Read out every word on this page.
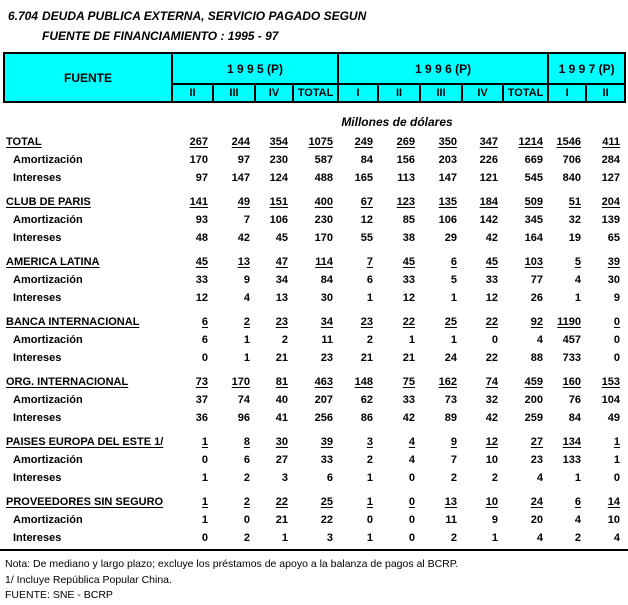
6.704 DEUDA PUBLICA EXTERNA, SERVICIO PAGADO SEGUN
FUENTE DE FINANCIAMIENTO : 1995 - 97
FUENTE	1 9 9 5 (P)				1 9 9 6 (P)					1 9 9 7 (P)	
	II	III	IV	TOTAL	I	II	III	IV	TOTAL	I	II
Millones de dólares
TOTAL	267	244	354	1075	249	269	350	347	1214	1546	411
Amortización	170	97	230	587	84	156	203	226	669	706	284
Intereses	97	147	124	488	165	113	147	121	545	840	127

CLUB DE PARIS	141	49	151	400	67	123	135	184	509	51	204
Amortización	93	7	106	230	12	85	106	142	345	32	139
Intereses	48	42	45	170	55	38	29	42	164	19	65

AMERICA LATINA	45	13	47	114	7	45	6	45	103	5	39
Amortización	33	9	34	84	6	33	5	33	77	4	30
Intereses	12	4	13	30	1	12	1	12	26	1	9

BANCA INTERNACIONAL	6	2	23	34	23	22	25	22	92	1190	0
Amortización	6	1	2	11	2	1	1	0	4	457	0
Intereses	0	1	21	23	21	21	24	22	88	733	0

ORG. INTERNACIONAL	73	170	81	463	148	75	162	74	459	160	153
Amortización	37	74	40	207	62	33	73	32	200	76	104
Intereses	36	96	41	256	86	42	89	42	259	84	49

PAISES EUROPA DEL ESTE 1/	1	8	30	39	3	4	9	12	27	134	1
Amortización	0	6	27	33	2	4	7	10	23	133	1
Intereses	1	2	3	6	1	0	2	2	4	1	0

PROVEEDORES SIN SEGURO	1	2	22	25	1	0	13	10	24	6	14
Amortización	1	0	21	22	0	0	11	9	20	4	10
Intereses	0	2	1	3	1	0	2	1	4	2	4
Nota: De mediano y largo plazo; excluye los préstamos de apoyo a la balanza de pagos al BCRP.
1/ Incluye República Popular China.
FUENTE: SNE - BCRP
